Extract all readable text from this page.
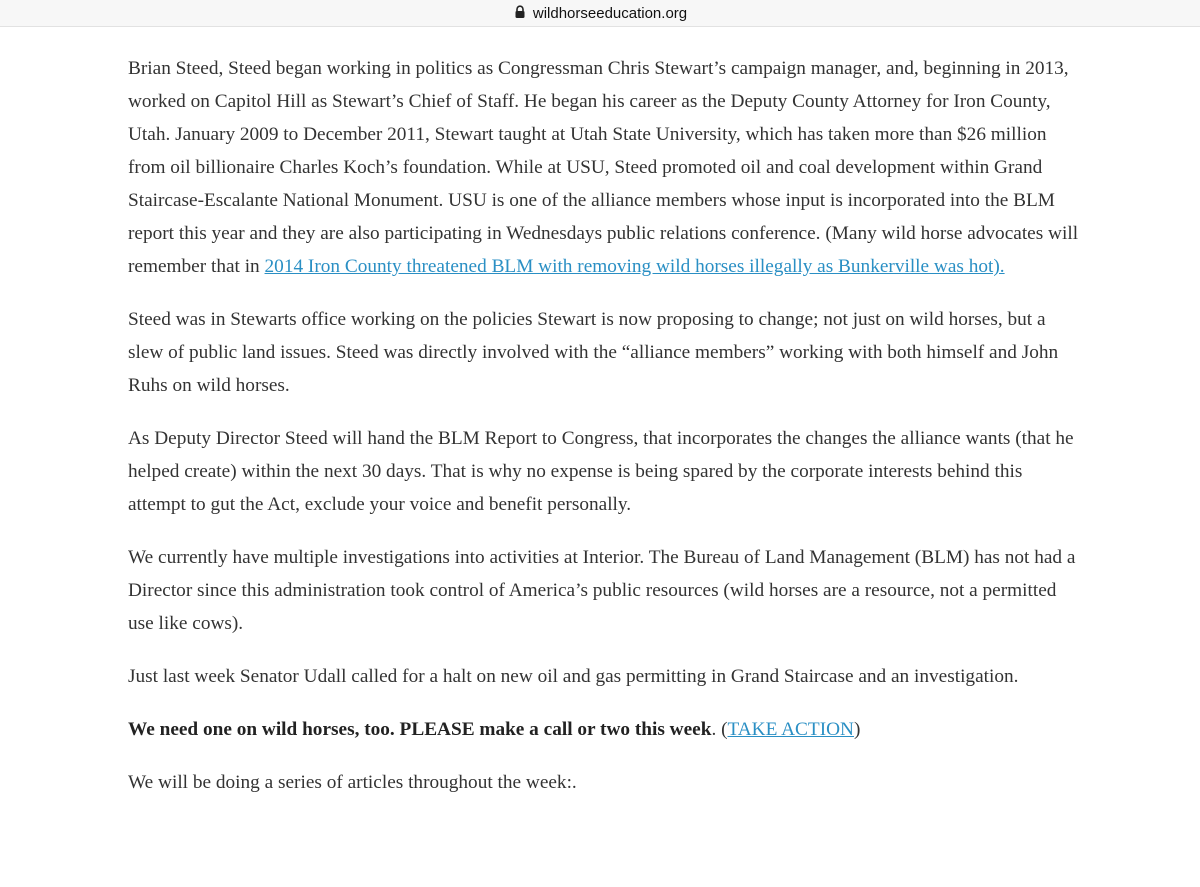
wildhorseeducation.org

Brian Steed, Steed began working in politics as Congressman Chris Stewart’s campaign manager, and, beginning in 2013, worked on Capitol Hill as Stewart’s Chief of Staff. He began his career as the Deputy County Attorney for Iron County, Utah. January 2009 to December 2011, Stewart taught at Utah State University, which has taken more than $26 million from oil billionaire Charles Koch’s foundation. While at USU, Steed promoted oil and coal development within Grand Staircase-Escalante National Monument. USU is one of the alliance members whose input is incorporated into the BLM report this year and they are also participating in Wednesdays public relations conference. (Many wild horse advocates will remember that in 2014 Iron County threatened BLM with removing wild horses illegally as Bunkerville was hot).

Steed was in Stewarts office working on the policies Stewart is now proposing to change; not just on wild horses, but a slew of public land issues. Steed was directly involved with the “alliance members” working with both himself and John Ruhs on wild horses.

As Deputy Director Steed will hand the BLM Report to Congress, that incorporates the changes the alliance wants (that he helped create) within the next 30 days. That is why no expense is being spared by the corporate interests behind this attempt to gut the Act, exclude your voice and benefit personally.

We currently have multiple investigations into activities at Interior. The Bureau of Land Management (BLM) has not had a Director since this administration took control of America’s public resources (wild horses are a resource, not a permitted use like cows).

Just last week Senator Udall called for a halt on new oil and gas permitting in Grand Staircase and an investigation.

We need one on wild horses, too. PLEASE make a call or two this week. (TAKE ACTION)

We will be doing a series of articles throughout the week:.
